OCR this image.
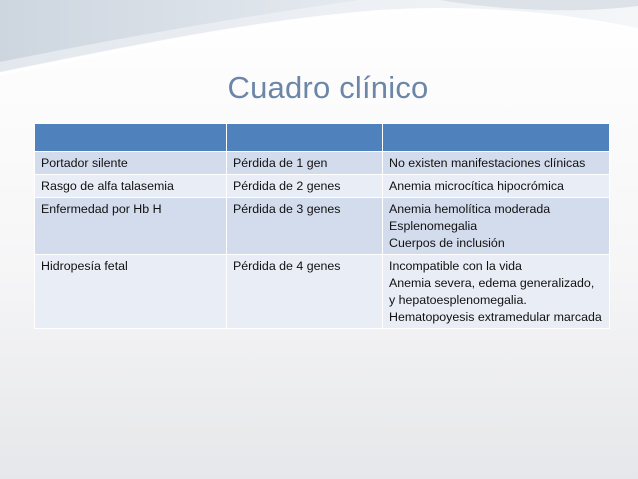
Cuadro clínico

Portador silente	Pérdida de 1 gen	No existen manifestaciones clínicas

Rasgo de alfa talasemia	Pérdida de 2 genes	Anemia microcítica hipocrómica

Enfermedad por Hb H	Pérdida de 3 genes	Anemia hemolítica moderada
Esplenomegalia
Cuerpos de inclusión

Hidropesía fetal	Pérdida de 4 genes	Incompatible con la vida
Anemia severa, edema generalizado, y hepatoesplenomegalia.
Hematopoyesis extramedular marcada
